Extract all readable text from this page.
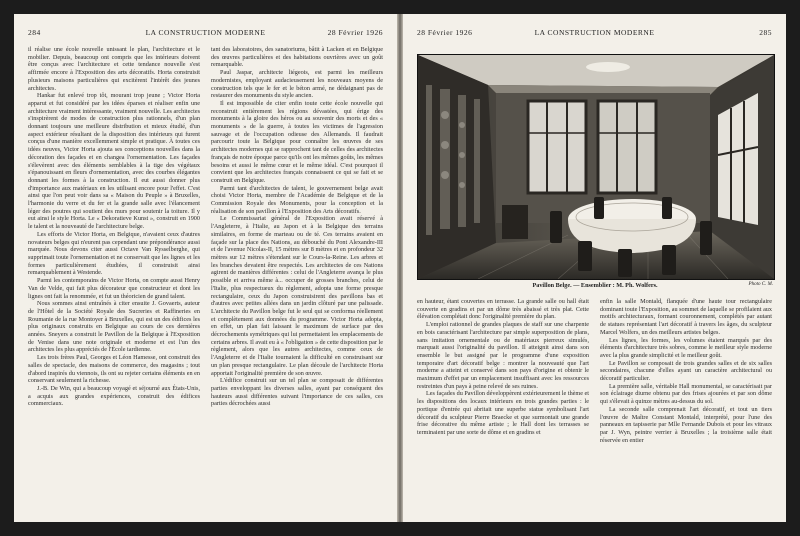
284	LA CONSTRUCTION MODERNE	28 Février 1926

il réalise une école nouvelle unissant le plan, l'architecture et le mobilier. Depuis, beaucoup ont compris que les intérieurs doivent être conçus avec l'architecture et cette tendance nouvelle s'est affirmée encore à l'Exposition des arts décoratifs. Horta construisit plusieurs maisons particulières qui excitèrent l'intérêt des jeunes architectes.

Hankar fut enlevé trop tôt, mourant trop jeune ; Victor Horta apparut et fut considéré par les idées éparses et réaliser enfin une architecture vraiment intéressante, vraiment nouvelle. Les architectes s'inspirèrent de modes de construction plus rationnels, d'un plan donnant toujours une meilleure distribution et mieux étudié, d'un aspect extérieur résultant de la disposition des intérieurs qui furent conçus d'une manière excellemment simple et pratique. À toutes ces idées neuves, Victor Horta ajouta ses conceptions nouvelles dans la décoration des façades et en changea l'ornementation. Les façades s'élevèrent avec des éléments semblables à la tige des végétaux s'épanouissant en fleurs d'ornementation, avec des courbes élégantes donnant les formes à la construction. Il eut aussi donner plus d'importance aux matériaux en les utilisant encore pour l'effet. C'est ainsi que l'on peut voir dans sa « Maison du Peuple » à Bruxelles, l'harmonie du verre et du fer et la grande salle avec l'élancement léger des poutres qui soutient des murs pour soutenir la toiture. Il y eut ainsi le style Horta. Le « Dekoratieve Kunst », construit en 1900 le talent et la nouveauté de l'architecture belge.

Les efforts de Victor Horta, en Belgique, n'avaient ceux d'autres novateurs belges qui n'eurent pas cependant une prépondérance aussi marquée. Nous devons citer aussi Octave Van Rysselberghe, qui supprimait toute l'ornementation et ne conservait que les lignes et les formes particulièrement étudiées, il construisit ainsi remarquablement à Westende.

Parmi les contemporains de Victor Horta, on compte aussi Henry Van de Velde, qui fait plus décorateur que constructeur et dont les lignes ont fait la renommée, et fut un théoricien de grand talent.

Nous sommes ainsi entraînés à citer ensuite J. Govaerts, auteur de l'Hôtel de la Société Royale des Sucreries et Raffineries en Roumanie de la rue Montoyer à Bruxelles, qui est un des édifices les plus originaux construits en Belgique au cours de ces dernières années. Sneyers a construit le Pavillon de la Belgique à l'Exposition de Venise dans une note originale et moderne et est l'un des architectes les plus appréciés de l'École tardienne.

Les trois frères Paul, Georges et Léon Hamesse, ont construit des salles de spectacle, des maisons de commerce, des magasins ; tout d'abord inspirés du viennois, ils ont su rejeter certains éléments en en conservant seulement la richesse.

J.-B. De Win, qui a beaucoup voyagé et séjourné aux États-Unis, a acquis aux grandes expériences, construit des édifices commerciaux.

tant des laboratoires, des sanatoriums, bâtit à Lacken et en Belgique des œuvres particulières et des habitations ouvrières avec un goût remarquable.

Paul Jaspar, architecte liégeois, est parmi les meilleurs modernistes, employant audacieusement les nouveaux moyens de construction tels que le fer et le béton armé, ne dédaignant pas de restaurer des monuments du style ancien.

Il est impossible de citer enfin toute cette école nouvelle qui reconstruit entièrement les régions dévastées, qui érige des monuments à la gloire des héros ou au souvenir des morts et des « monuments » de la guerre, à toutes les victimes de l'agression sauvage et de l'occupation odieuse des Allemands. Il faudrait parcourir toute la Belgique pour connaître les œuvres de ses architectes modernes qui se rapprochent tant de celles des architectes français de notre époque parce qu'ils ont les mêmes goûts, les mêmes besoins et aussi le même cœur et le même idéal. C'est pourquoi il convient que les architectes français connaissent ce qui se fait et se construit en Belgique.

Parmi tant d'architectes de talent, le gouvernement belge avait choisi Victor Horta, membre de l'Académie de Belgique et de la Commission Royale des Monuments, pour la conception et la réalisation de son pavillon à l'Exposition des Arts décoratifs.

Le Commissariat général de l'Exposition avait réservé à l'Angleterre, à l'Italie, au Japon et à la Belgique des terrains similaires, en forme de marteau ou de té. Ces terrains avaient en façade sur la place des Nations, au débouché du Pont Alexandre-III et de l'avenue Nicolas-II, 15 mètres sur 8 mètres et en profondeur 32 mètres sur 12 mètres s'étendant sur le Cours-la-Reine. Les arbres et les branches devaient être respectés. Les architectes de ces Nations agirent de manières différentes : celui de l'Angleterre avança le plus possible et arriva même à... occuper de grosses branches, celui de l'Italie, plus respectueux du règlement, adopta une forme presque rectangulaire, ceux du Japon construisirent des pavillons bas et d'autres avec petites allées dans un jardin clôturé par une palissade. L'architecte du Pavillon belge fut le seul qui se conforma réellement et complètement aux données du programme. Victor Horta adopta, en effet, un plan fait laissant le maximum de surface par des décrochements symétriques qui lui permettaient les emplacements de certains arbres. Il avait eu à « l'obligation » de cette disposition par le règlement, alors que les autres architectes, comme ceux de l'Angleterre et de l'Italie tournaient la difficulté en construisant sur un plan presque rectangulaire. Le plan découle de l'architecte Horta apportait l'originalité première de son œuvre.

L'édifice construit sur un tel plan se composait de différentes parties enveloppant les diverses salles, ayant par conséquent des hauteurs aussi différentes suivant l'importance de ces salles, ces parties décrochées aussi

28 Février 1926	LA CONSTRUCTION MODERNE	285
Pavillon Belge. — Ensemblier : M. Ph. Wolfers.	Photo C. M.

en hauteur, étant couvertes en terrasse. La grande salle ou hall était couverte en gradins et par un dôme très abaissé et très plat. Cette élévation complétait donc l'originalité première du plan.

L'emploi rationnel de grandes plaques de staff sur une charpente en bois caractérisant l'architecture par simple superposition de plans, sans imitation ornementale ou de matériaux pierreux simulés, marquait aussi l'originalité du pavillon. Il atteignit ainsi dans son ensemble le but assigné par le programme d'une exposition temporaire d'art décoratif belge : montrer la nouveauté que l'art moderne a atteint et conservé dans son pays d'origine et obtenir le maximum d'effet par un emplacement insuffisant avec les ressources restreintes d'un pays à peine relevé de ses ruines.

Les façades du Pavillon développèrent extérieurement le thème et les dispositions des locaux intérieurs en trois grandes parties : le portique d'entrée qui abritait une superbe statue symbolisant l'art décoratif du sculpteur Pierre Braecke et que surmontait une grande frise décorative du même artiste ; le Hall dont les terrasses se terminaient par une sorte de dôme et en gradins et

enfin la salle Montald, flanquée d'une haute tour rectangulaire dominant toute l'Exposition, au sommet de laquelle se profilaient aux motifs architecturaux, formant couronnement, complétés par autant de statues représentant l'art décoratif à travers les âges, du sculpteur Marcel Wolfers, un des meilleurs artistes belges.

Les lignes, les formes, les volumes étaient marqués par des éléments d'architecture très sobres, comme le meilleur style moderne avec la plus grande simplicité et le meilleur goût.

Le Pavillon se composait de trois grandes salles et de six salles secondaires, chacune d'elles ayant un caractère architectural ou décoratif particulier.

La première salle, véritable Hall monumental, se caractérisait par son éclairage diurne obtenu par des frises ajourées et par son dôme qui s'élevait à quinze mètres au-dessus du sol.

La seconde salle comprenait l'art décoratif, et tout un tiers l'œuvre de Maître Constant Montald, interprété, pour l'une des panneaux en tapisserie par Mlle Fernande Dubois et pour les vitraux par J. Wyn, peintre verrier à Bruxelles ; la troisième salle était réservée en entier
